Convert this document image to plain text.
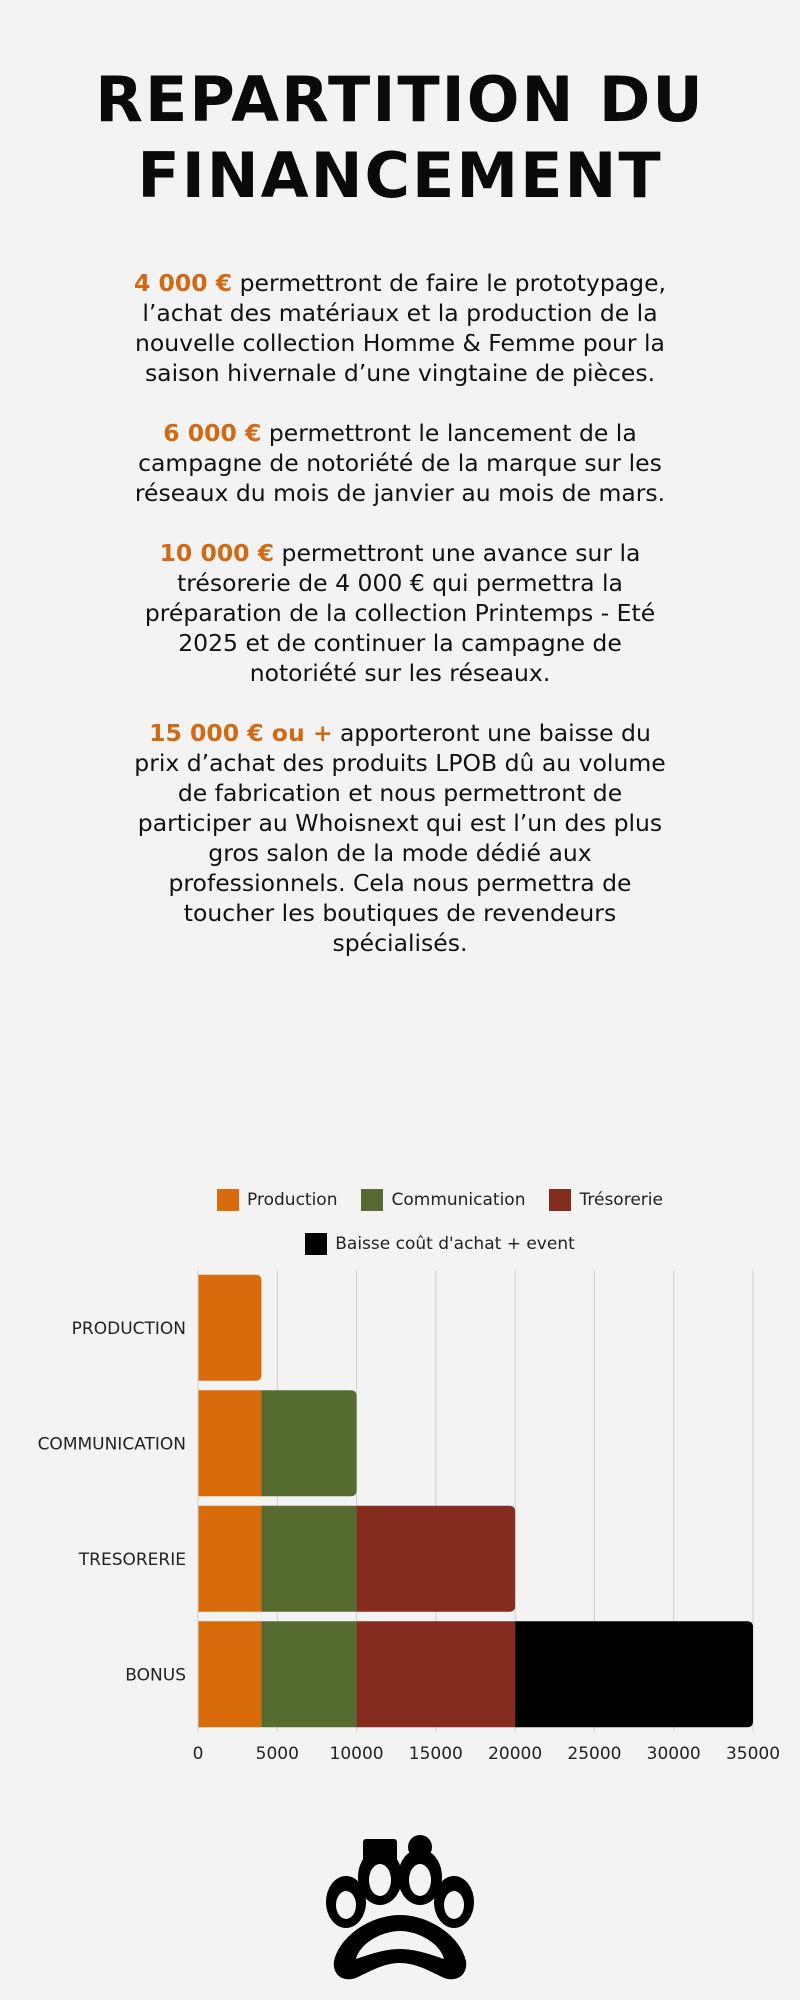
REPARTITION DU
FINANCEMENT

4 000 € permettront de faire le prototypage, l’achat des matériaux et la production de la nouvelle collection Homme & Femme pour la saison hivernale d’une vingtaine de pièces.

6 000 € permettront le lancement de la campagne de notoriété de la marque sur les réseaux du mois de janvier au mois de mars.

10 000 € permettront une avance sur la trésorerie de 4 000 € qui permettra la préparation de la collection Printemps - Eté 2025 et de continuer la campagne de notoriété sur les réseaux.

15 000 € ou + apporteront une baisse du prix d’achat des produits LPOB dû au volume de fabrication et nous permettront de participer au Whoisnext qui est l’un des plus gros salon de la mode dédié aux professionnels. Cela nous permettra de toucher les boutiques de revendeurs spécialisés.

Production	Communication	Trésorerie
Baisse coût d'achat + event
0	5000 10000 15000 20000 25000 30000 35000
PRODUCTION
COMMUNICATION
TRESORERIE
BONUS
